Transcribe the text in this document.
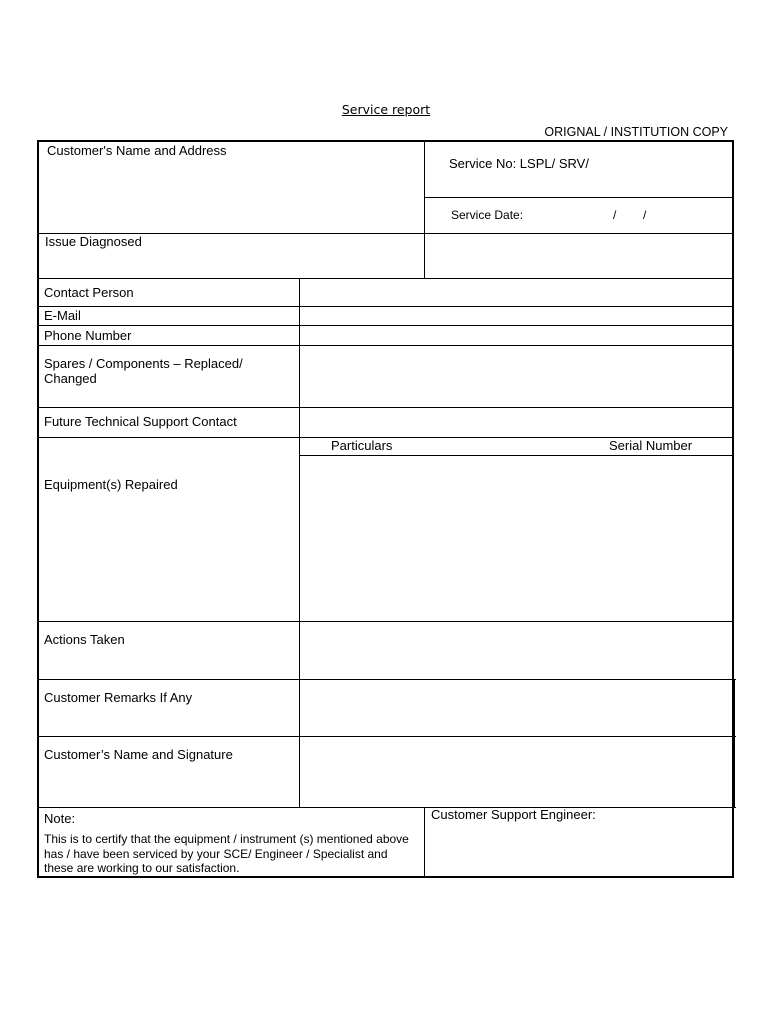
Service report
ORIGNAL / INSTITUTION COPY
Customer's Name and Address
Service No: LSPL/ SRV/
Service Date:	/ /
Issue Diagnosed
Contact Person
E-Mail
Phone Number
Spares / Components – Replaced/
Changed
Future Technical Support Contact
Particulars	Serial Number
Equipment(s) Repaired
Actions Taken
Customer Remarks If Any
Customer’s Name and Signature
Note:
This is to certify that the equipment / instrument (s) mentioned above has / have been serviced by your SCE/ Engineer / Specialist and these are working to our satisfaction.
Customer Support Engineer:
